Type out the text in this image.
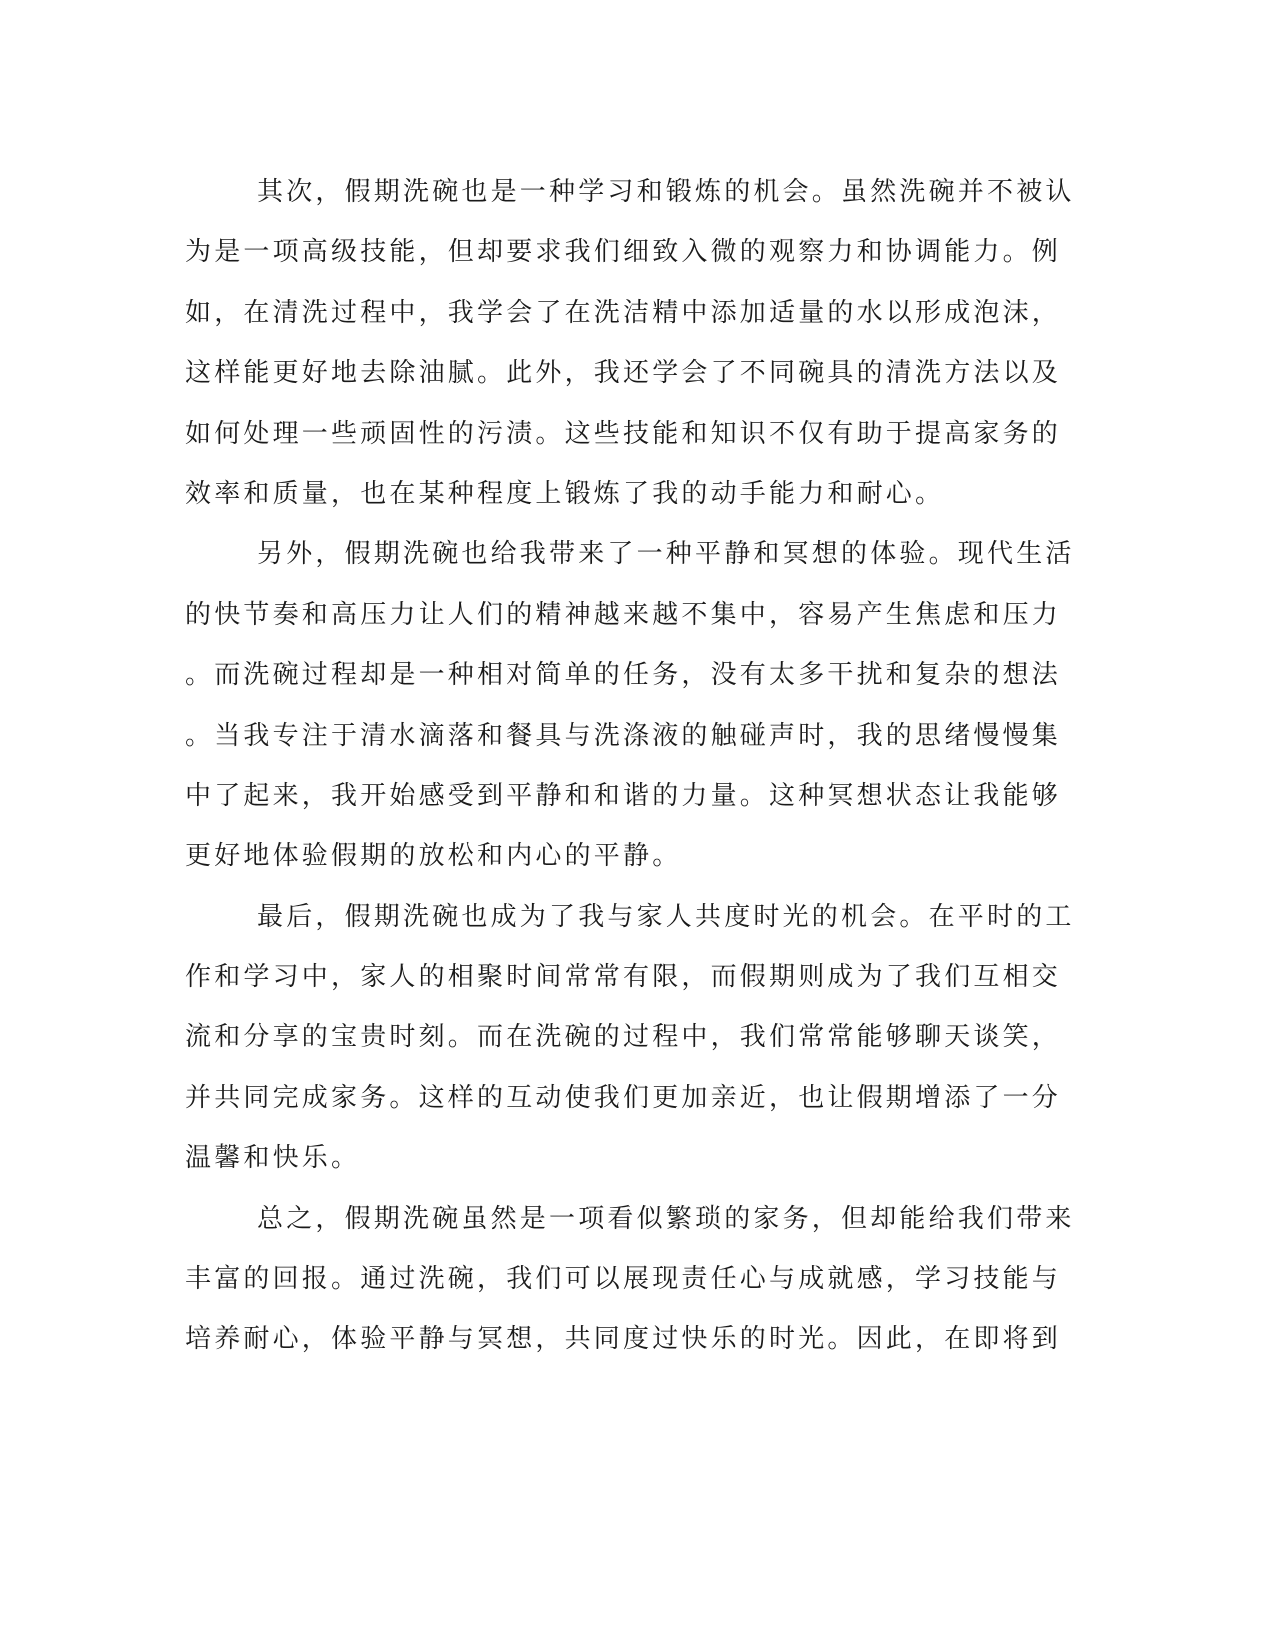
其次，假期洗碗也是一种学习和锻炼的机会。虽然洗碗并不被认
为是一项高级技能，但却要求我们细致入微的观察力和协调能力。例
如，在清洗过程中，我学会了在洗洁精中添加适量的水以形成泡沫，
这样能更好地去除油腻。此外，我还学会了不同碗具的清洗方法以及
如何处理一些顽固性的污渍。这些技能和知识不仅有助于提高家务的
效率和质量，也在某种程度上锻炼了我的动手能力和耐心。
另外，假期洗碗也给我带来了一种平静和冥想的体验。现代生活
的快节奏和高压力让人们的精神越来越不集中，容易产生焦虑和压力
。而洗碗过程却是一种相对简单的任务，没有太多干扰和复杂的想法
。当我专注于清水滴落和餐具与洗涤液的触碰声时，我的思绪慢慢集
中了起来，我开始感受到平静和和谐的力量。这种冥想状态让我能够
更好地体验假期的放松和内心的平静。
最后，假期洗碗也成为了我与家人共度时光的机会。在平时的工
作和学习中，家人的相聚时间常常有限，而假期则成为了我们互相交
流和分享的宝贵时刻。而在洗碗的过程中，我们常常能够聊天谈笑，
并共同完成家务。这样的互动使我们更加亲近，也让假期增添了一分
温馨和快乐。
总之，假期洗碗虽然是一项看似繁琐的家务，但却能给我们带来
丰富的回报。通过洗碗，我们可以展现责任心与成就感，学习技能与
培养耐心，体验平静与冥想，共同度过快乐的时光。因此，在即将到
